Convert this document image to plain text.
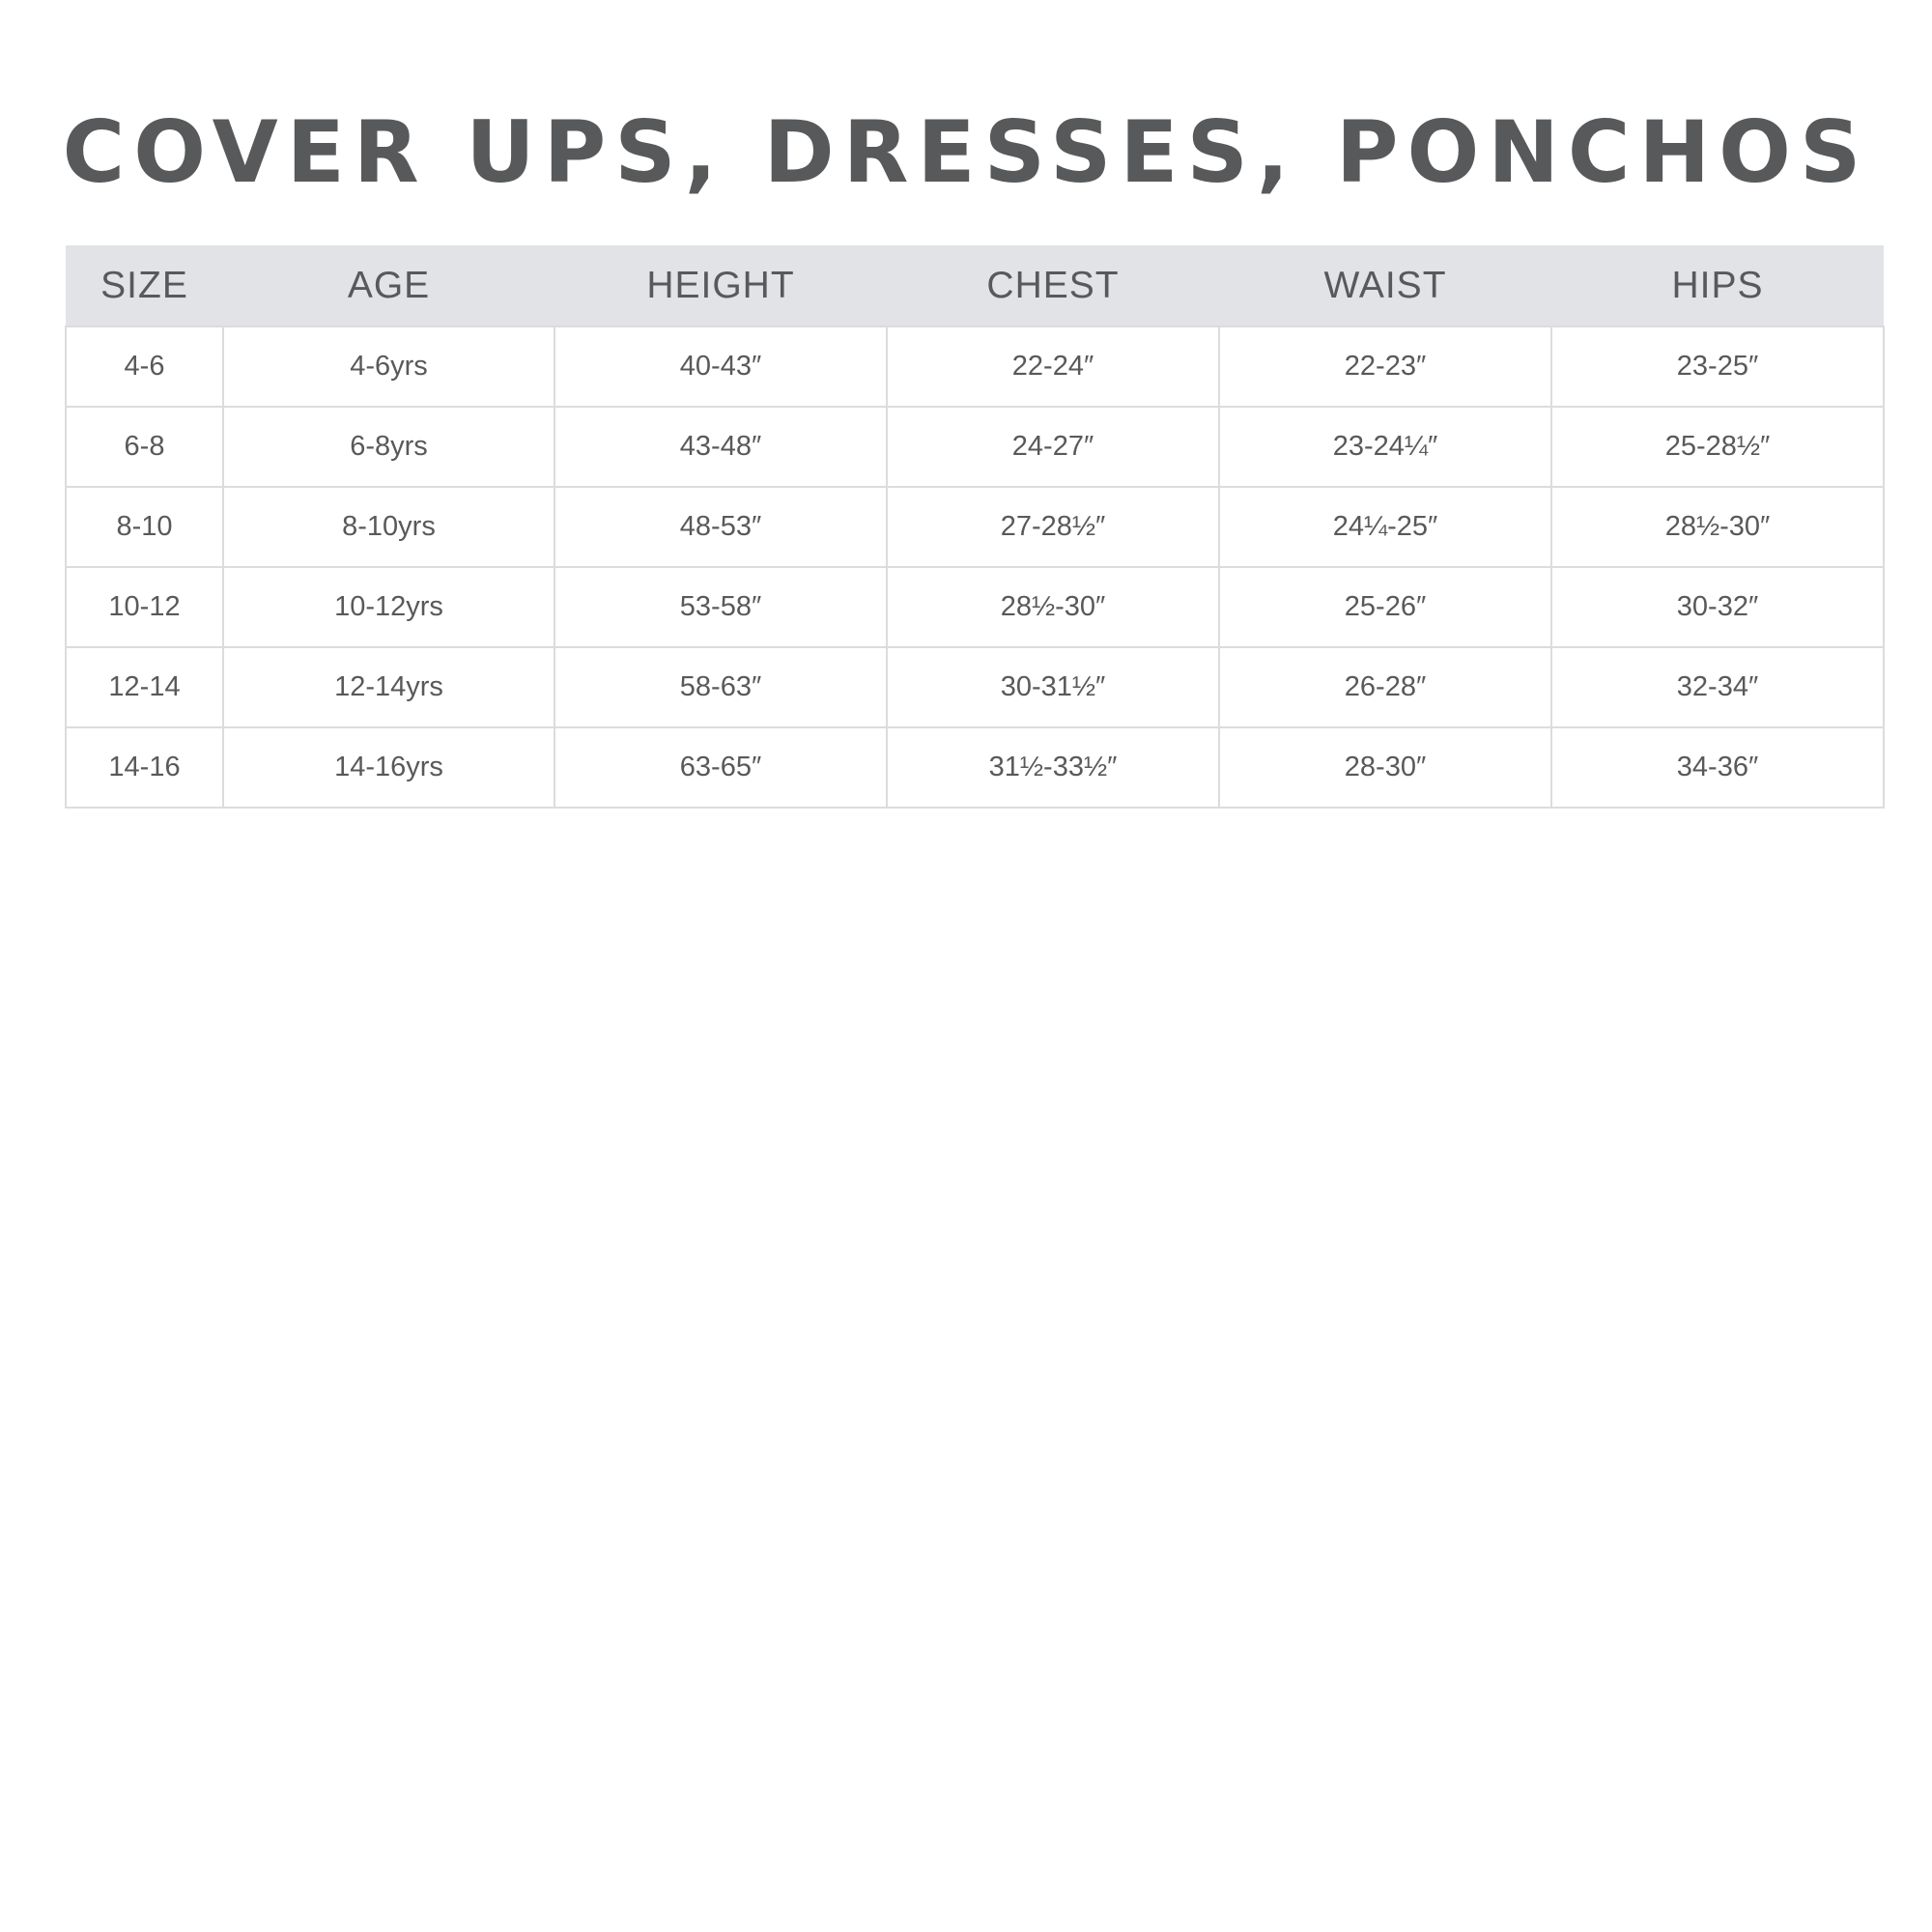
COVER UPS, DRESSES, PONCHOS
SIZE	AGE	HEIGHT	CHEST	WAIST	HIPS
4-6	4-6yrs	40-43″	22-24″	22-23″	23-25″
6-8	6-8yrs	43-48″	24-27″	23-24¼″	25-28½″
8-10	8-10yrs	48-53″	27-28½″	24¼-25″	28½-30″
10-12	10-12yrs	53-58″	28½-30″	25-26″	30-32″
12-14	12-14yrs	58-63″	30-31½″	26-28″	32-34″
14-16	14-16yrs	63-65″	31½-33½″	28-30″	34-36″
